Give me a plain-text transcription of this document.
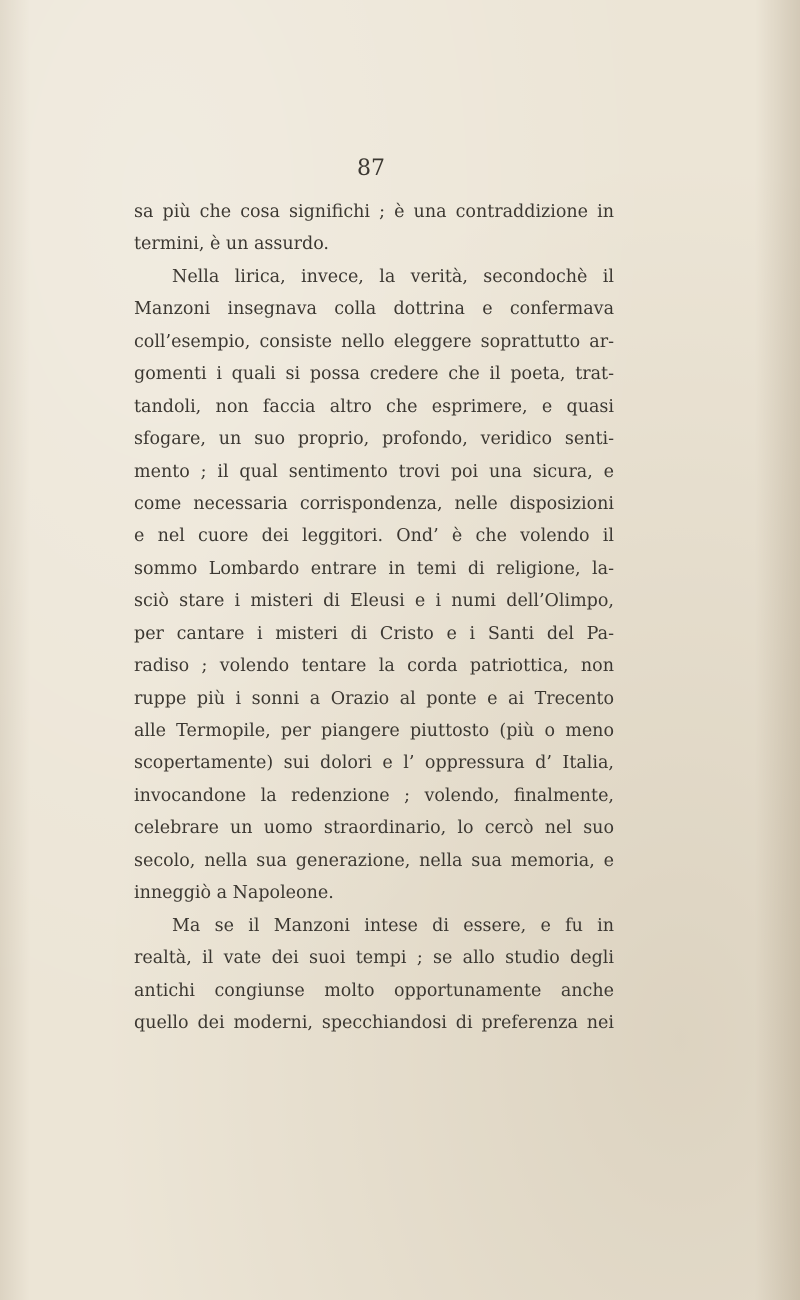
87
sa più che cosa significhi ; è una contraddizione in
termini, è un assurdo.
Nella lirica, invece, la verità, secondochè il
Manzoni insegnava colla dottrina e confermava
coll’esempio, consiste nello eleggere soprattutto ar-
gomenti i quali si possa credere che il poeta, trat-
tandoli, non faccia altro che esprimere, e quasi
sfogare, un suo proprio, profondo, veridico senti-
mento ; il qual sentimento trovi poi una sicura, e
come necessaria corrispondenza, nelle disposizioni
e nel cuore dei leggitori. Ond’ è che volendo il
sommo Lombardo entrare in temi di religione, la-
sciò stare i misteri di Eleusi e i numi dell’Olimpo,
per cantare i misteri di Cristo e i Santi del Pa-
radiso ; volendo tentare la corda patriottica, non
ruppe più i sonni a Orazio al ponte e ai Trecento
alle Termopile, per piangere piuttosto (più o meno
scopertamente) sui dolori e l’ oppressura d’ Italia,
invocandone la redenzione ; volendo, finalmente,
celebrare un uomo straordinario, lo cercò nel suo
secolo, nella sua generazione, nella sua memoria, e
inneggiò a Napoleone.
Ma se il Manzoni intese di essere, e fu in
realtà, il vate dei suoi tempi ; se allo studio degli
antichi congiunse molto opportunamente anche
quello dei moderni, specchiandosi di preferenza nei
